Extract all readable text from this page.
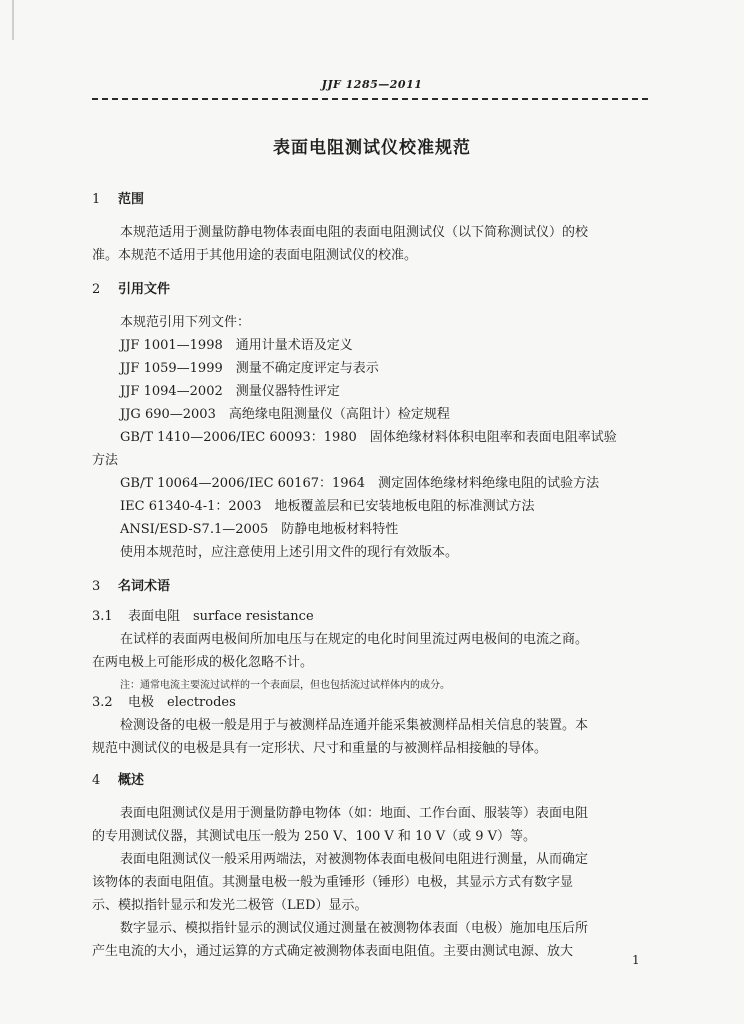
JJF 1285—2011
表面电阻测试仪校准规范
1 范围
本规范适用于测量防静电物体表面电阻的表面电阻测试仪（以下简称测试仪）的校
准。本规范不适用于其他用途的表面电阻测试仪的校准。
2 引用文件
本规范引用下列文件：
JJF 1001—1998　通用计量术语及定义
JJF 1059—1999　测量不确定度评定与表示
JJF 1094—2002　测量仪器特性评定
JJG 690—2003　高绝缘电阻测量仪（高阻计）检定规程
GB/T 1410—2006/IEC 60093：1980　固体绝缘材料体积电阻率和表面电阻率试验
方法
GB/T 10064—2006/IEC 60167：1964　测定固体绝缘材料绝缘电阻的试验方法
IEC 61340-4-1：2003　地板覆盖层和已安装地板电阻的标准测试方法
ANSI/ESD-S7.1—2005　防静电地板材料特性
使用本规范时，应注意使用上述引用文件的现行有效版本。
3 名词术语
3.1 表面电阻　surface resistance
在试样的表面两电极间所加电压与在规定的电化时间里流过两电极间的电流之商。
在两电极上可能形成的极化忽略不计。
注：通常电流主要流过试样的一个表面层，但也包括流过试样体内的成分。
3.2 电极　electrodes
检测设备的电极一般是用于与被测样品连通并能采集被测样品相关信息的装置。本
规范中测试仪的电极是具有一定形状、尺寸和重量的与被测样品相接触的导体。
4 概述
表面电阻测试仪是用于测量防静电物体（如：地面、工作台面、服装等）表面电阻
的专用测试仪器，其测试电压一般为 250 V、100 V 和 10 V（或 9 V）等。
表面电阻测试仪一般采用两端法，对被测物体表面电极间电阻进行测量，从而确定
该物体的表面电阻值。其测量电极一般为重锤形（锤形）电极，其显示方式有数字显
示、模拟指针显示和发光二极管（LED）显示。
数字显示、模拟指针显示的测试仪通过测量在被测物体表面（电极）施加电压后所
产生电流的大小，通过运算的方式确定被测物体表面电阻值。主要由测试电源、放大
1
